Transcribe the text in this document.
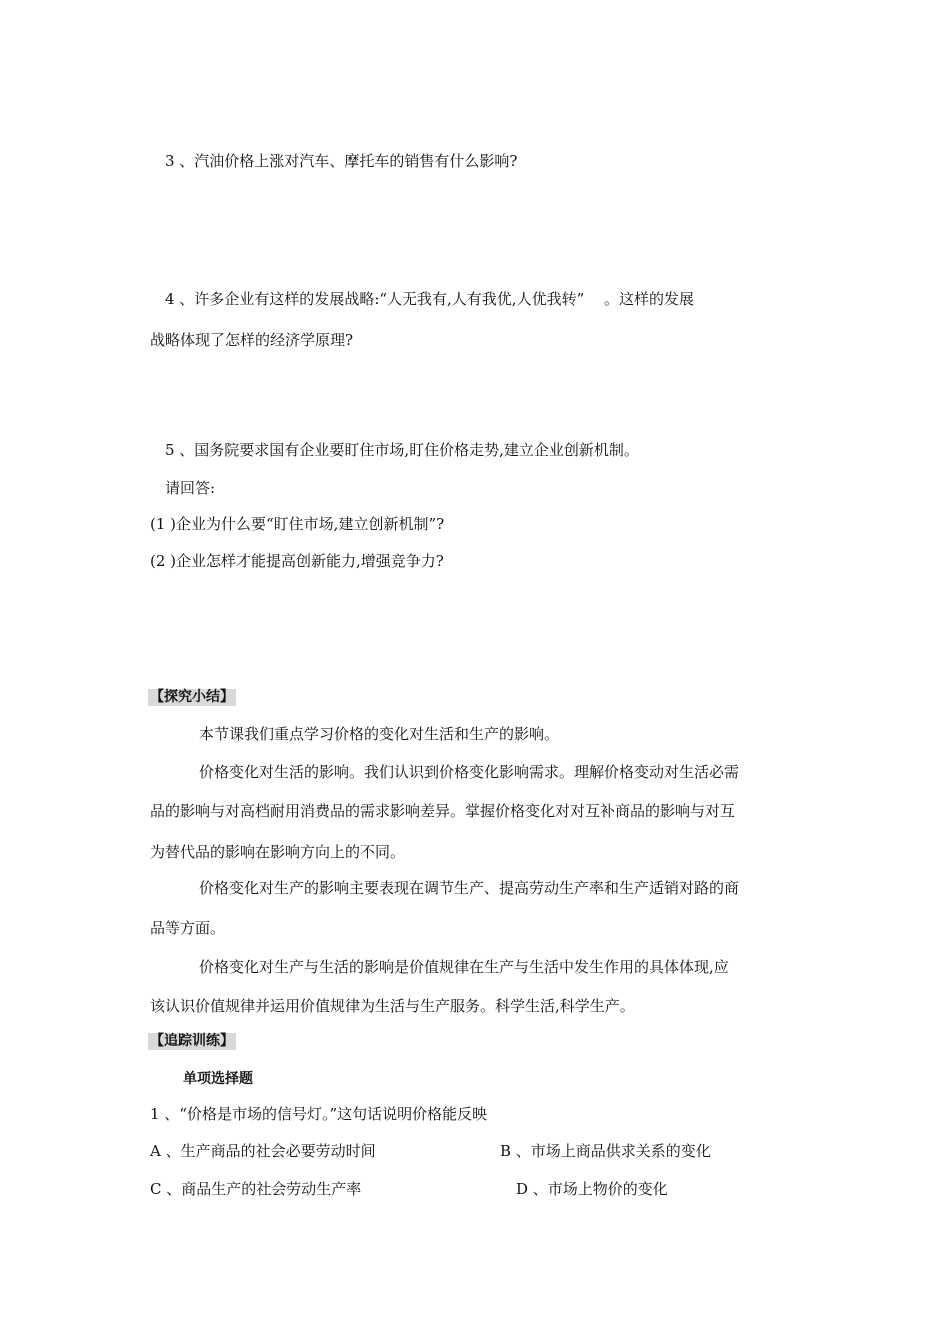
3 、汽油价格上涨对汽车、摩托车的销售有什么影响?
4 、许多企业有这样的发展战略:“人无我有,人有我优,人优我转”　 。这样的发展
战略体现了怎样的经济学原理?
5 、国务院要求国有企业要盯住市场,盯住价格走势,建立企业创新机制。
请回答:
(1 )企业为什么要“盯住市场,建立创新机制”?
(2 )企业怎样才能提高创新能力,增强竞争力?
【探究小结】
本节课我们重点学习价格的变化对生活和生产的影响。
价格变化对生活的影响。我们认识到价格变化影响需求。理解价格变动对生活必需
品的影响与对高档耐用消费品的需求影响差异。掌握价格变化对对互补商品的影响与对互
为替代品的影响在影响方向上的不同。
价格变化对生产的影响主要表现在调节生产、提高劳动生产率和生产适销对路的商
品等方面。
价格变化对生产与生活的影响是价值规律在生产与生活中发生作用的具体体现,应
该认识价值规律并运用价值规律为生活与生产服务。科学生活,科学生产。
【追踪训练】
单项选择题
1 、“价格是市场的信号灯。”这句话说明价格能反映
A 、生产商品的社会必要劳动时间	B 、市场上商品供求关系的变化
C 、商品生产的社会劳动生产率	D 、市场上物价的变化
